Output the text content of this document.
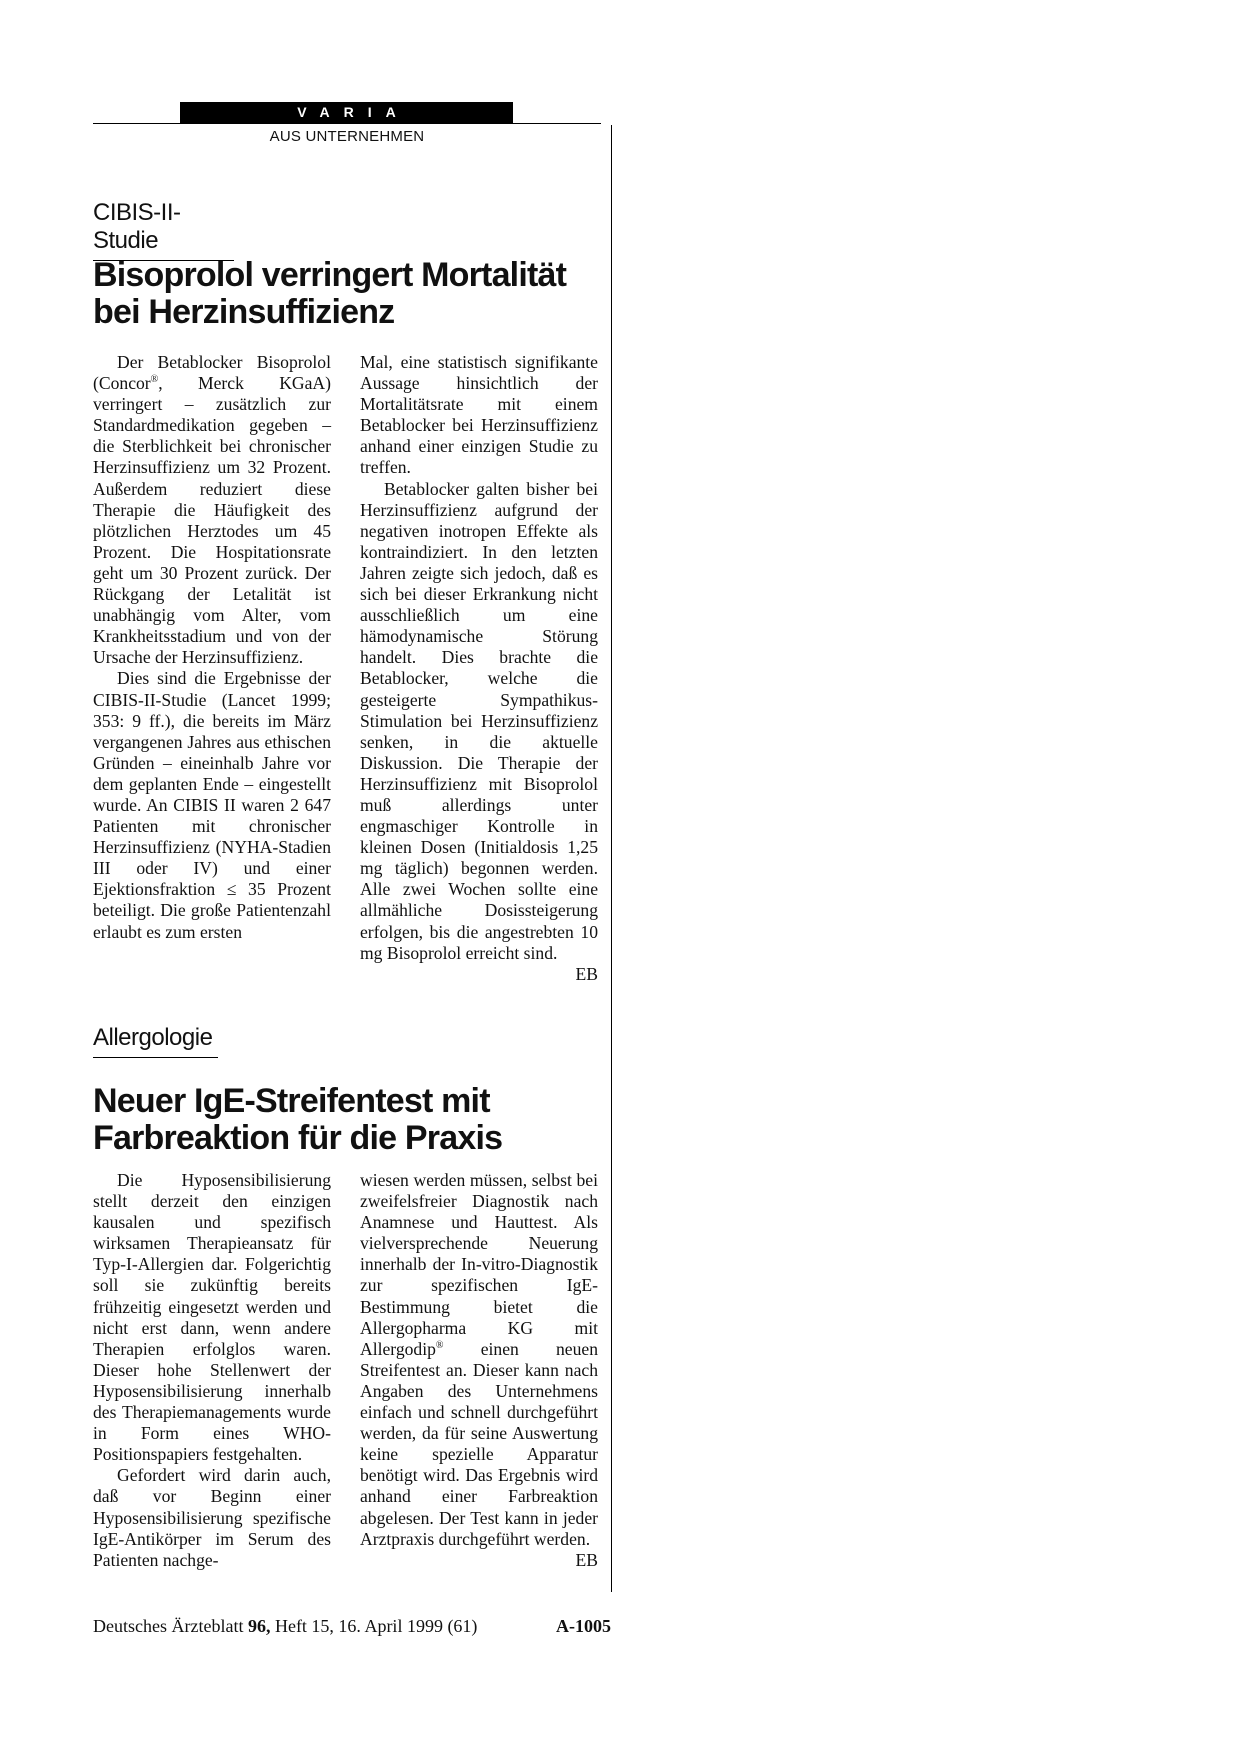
VARIA
AUS UNTERNEHMEN
CIBIS-II-Studie
Bisoprolol verringert Mortalität
bei Herzinsuffizienz

Der Betablocker Bisoprolol (Concor®, Merck KGaA) verringert – zusätzlich zur Standardmedikation gegeben – die Sterblichkeit bei chronischer Herzinsuffizienz um 32 Prozent. Außerdem reduziert diese Therapie die Häufigkeit des plötzlichen Herztodes um 45 Prozent. Die Hospitationsrate geht um 30 Prozent zurück. Der Rückgang der Letalität ist unabhängig vom Alter, vom Krankheitsstadium und von der Ursache der Herzinsuffizienz.

Dies sind die Ergebnisse der CIBIS-II-Studie (Lancet 1999; 353: 9 ff.), die bereits im März vergangenen Jahres aus ethischen Gründen – eineinhalb Jahre vor dem geplanten Ende – eingestellt wurde. An CIBIS II waren 2 647 Patienten mit chronischer Herzinsuffizienz (NYHA-Stadien III oder IV) und einer Ejektionsfraktion ≤ 35 Prozent beteiligt. Die große Patientenzahl erlaubt es zum ersten

Mal, eine statistisch signifikante Aussage hinsichtlich der Mortalitätsrate mit einem Betablocker bei Herzinsuffizienz anhand einer einzigen Studie zu treffen.

Betablocker galten bisher bei Herzinsuffizienz aufgrund der negativen inotropen Effekte als kontraindiziert. In den letzten Jahren zeigte sich jedoch, daß es sich bei dieser Erkrankung nicht ausschließlich um eine hämodynamische Störung handelt. Dies brachte die Betablocker, welche die gesteigerte Sympathikus-Stimulation bei Herzinsuffizienz senken, in die aktuelle Diskussion. Die Therapie der Herzinsuffizienz mit Bisoprolol muß allerdings unter engmaschiger Kontrolle in kleinen Dosen (Initialdosis 1,25 mg täglich) begonnen werden. Alle zwei Wochen sollte eine allmähliche Dosissteigerung erfolgen, bis die angestrebten 10 mg Bisoprolol erreicht sind.
EB

Allergologie
Neuer IgE-Streifentest mit
Farbreaktion für die Praxis

Die Hyposensibilisierung stellt derzeit den einzigen kausalen und spezifisch wirksamen Therapieansatz für Typ-I-Allergien dar. Folgerichtig soll sie zukünftig bereits frühzeitig eingesetzt werden und nicht erst dann, wenn andere Therapien erfolglos waren. Dieser hohe Stellenwert der Hyposensibilisierung innerhalb des Therapiemanagements wurde in Form eines WHO-Positionspapiers festgehalten.

Gefordert wird darin auch, daß vor Beginn einer Hyposensibilisierung spezifische IgE-Antikörper im Serum des Patienten nachge-

wiesen werden müssen, selbst bei zweifelsfreier Diagnostik nach Anamnese und Hauttest. Als vielversprechende Neuerung innerhalb der In-vitro-Diagnostik zur spezifischen IgE-Bestimmung bietet die Allergopharma KG mit Allergodip® einen neuen Streifentest an. Dieser kann nach Angaben des Unternehmens einfach und schnell durchgeführt werden, da für seine Auswertung keine spezielle Apparatur benötigt wird. Das Ergebnis wird anhand einer Farbreaktion abgelesen. Der Test kann in jeder Arztpraxis durchgeführt werden.
EB

Deutsches Ärzteblatt 96, Heft 15, 16. April 1999 (61)	A-1005
